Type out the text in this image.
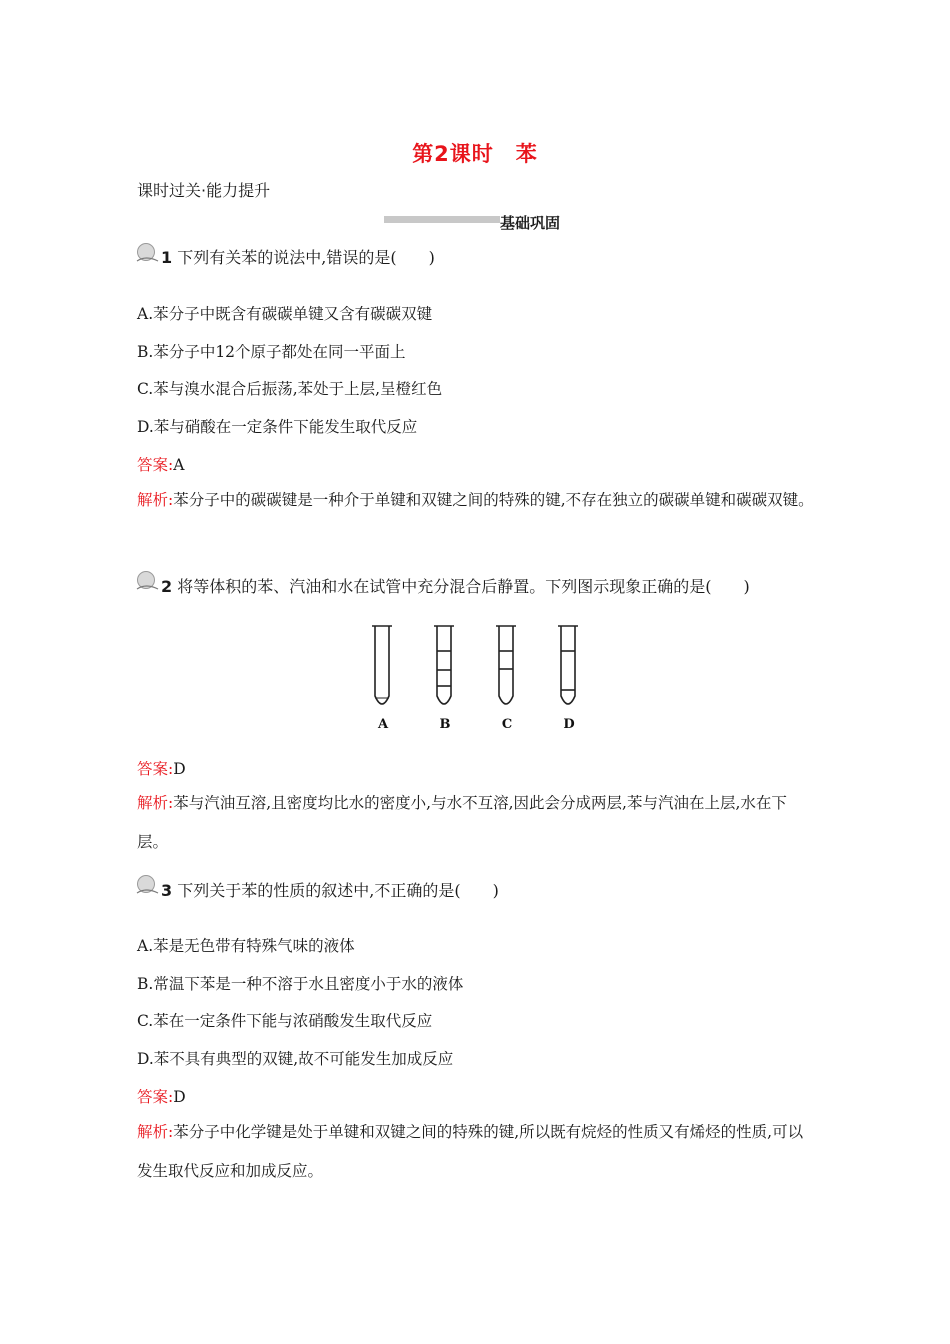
第2课时　苯
课时过关·能力提升
基础巩固
1 下列有关苯的说法中,错误的是(　　)
A.苯分子中既含有碳碳单键又含有碳碳双键
B.苯分子中12个原子都处在同一平面上
C.苯与溴水混合后振荡,苯处于上层,呈橙红色
D.苯与硝酸在一定条件下能发生取代反应
答案:A
解析:苯分子中的碳碳键是一种介于单键和双键之间的特殊的键,不存在独立的碳碳单键和碳碳双键。
2 将等体积的苯、汽油和水在试管中充分混合后静置。下列图示现象正确的是(　　)
A	B	C	D
答案:D
解析:苯与汽油互溶,且密度均比水的密度小,与水不互溶,因此会分成两层,苯与汽油在上层,水在下层。
3 下列关于苯的性质的叙述中,不正确的是(　　)
A.苯是无色带有特殊气味的液体
B.常温下苯是一种不溶于水且密度小于水的液体
C.苯在一定条件下能与浓硝酸发生取代反应
D.苯不具有典型的双键,故不可能发生加成反应
答案:D
解析:苯分子中化学键是处于单键和双键之间的特殊的键,所以既有烷烃的性质又有烯烃的性质,可以发生取代反应和加成反应。
